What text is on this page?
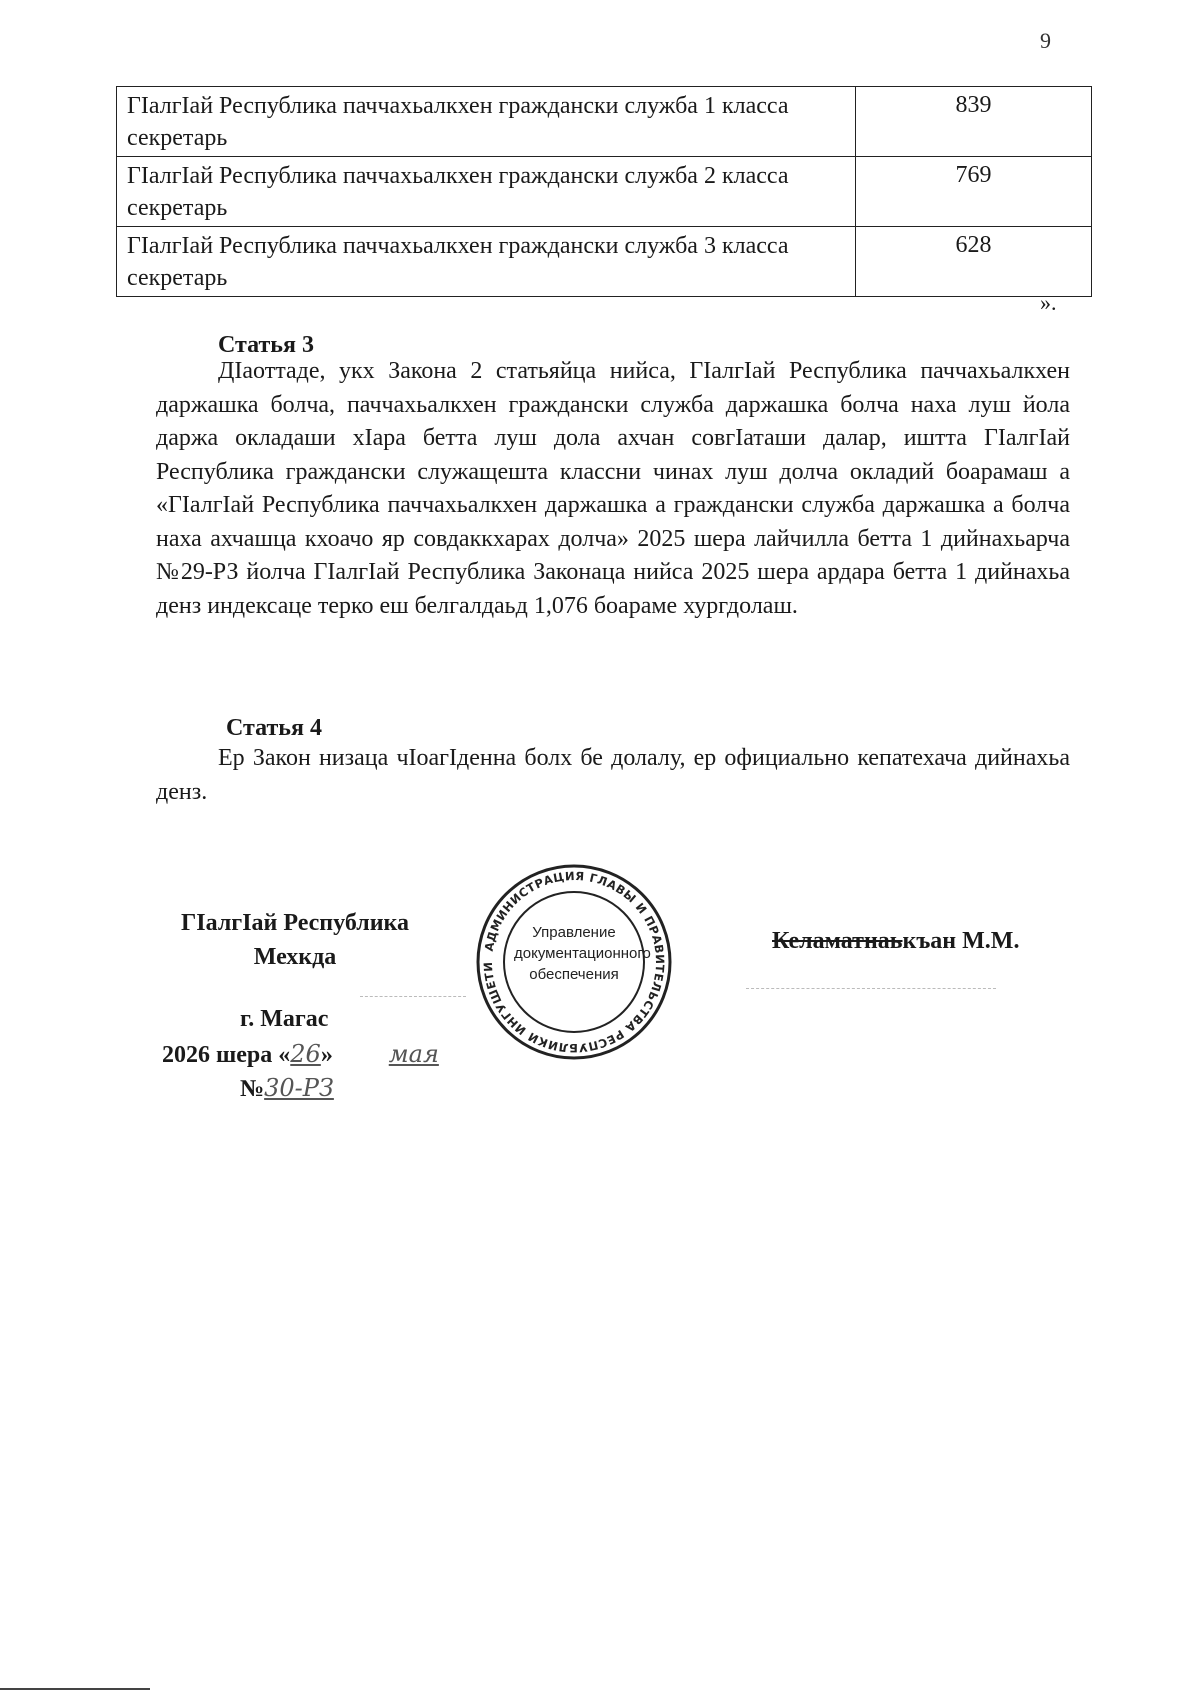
9
ГӀалгӀай Республика паччахьалкхен граждански служба 1 класса секретарь	839
ГӀалгӀай Республика паччахьалкхен граждански служба 2 класса секретарь	769
ГӀалгӀай Республика паччахьалкхен граждански служба 3 класса секретарь	628
».
Статья 3
ДӀаоттаде, укх Закона 2 статьяйца нийса, ГӀалгӀай Республика паччахьалкхен даржашка болча, паччахьалкхен граждански служба даржашка болча наха луш йола даржа окладаши хӀара бетта луш дола ахчан совгӀаташи далар, иштта ГӀалгӀай Республика граждански служащешта классни чинах луш долча окладий боарамаш а «ГӀалгӀай Республика паччахьалкхен даржашка а граждански служба даржашка а болча наха ахчашца кхоачо яр совдаккхарах долча» 2025 шера лайчилла бетта 1 дийнахьарча №29-РЗ йолча ГӀалгӀай Республика Законаца нийса 2025 шера ардара бетта 1 дийнахьа денз индексаце терко еш белгалдаьд 1,076 боараме хургдолаш.
Статья 4
Ер Закон низаца чӀоагӀденна болх бе долалу, ер официально кепатехача дийнахьа денз.
ГӀалгӀай Республика
Мехкда
г. Магас
2026 шера «26» мая
№30-РЗ
Келаматнаькъан М.М.
АДМИНИСТРАЦИЯ ГЛАВЫ И ПРАВИТЕЛЬСТВА РЕСПУБЛИКИ ИНГУШЕТИ
Управление
документационного
обеспечения
